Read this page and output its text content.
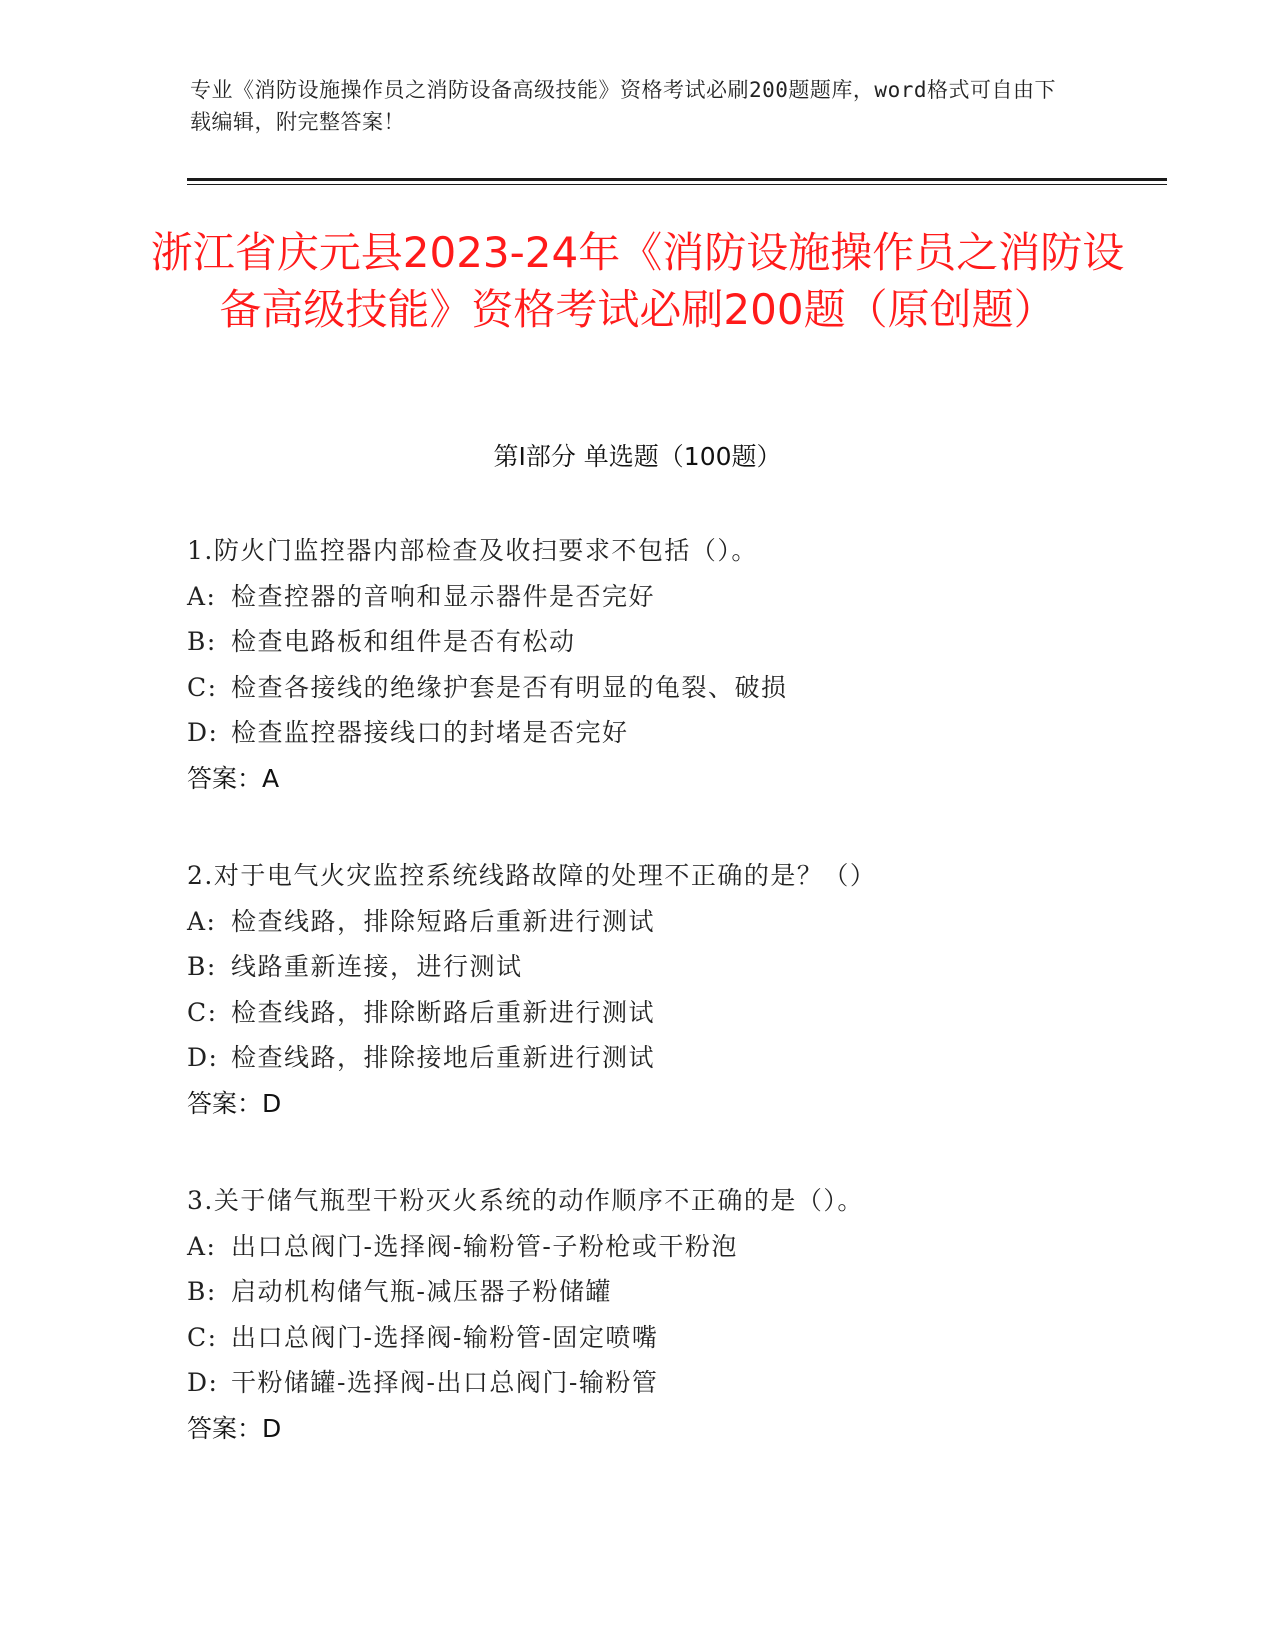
专业《消防设施操作员之消防设备高级技能》资格考试必刷200题题库，word格式可自由下载编辑，附完整答案！
浙江省庆元县2023-24年《消防设施操作员之消防设备高级技能》资格考试必刷200题（原创题）
第I部分 单选题（100题）
1.防火门监控器内部检查及收扫要求不包括（）。
A: 检查控器的音响和显示器件是否完好
B: 检查电路板和组件是否有松动
C: 检查各接线的绝缘护套是否有明显的龟裂、破损
D: 检查监控器接线口的封堵是否完好
答案：A
2.对于电气火灾监控系统线路故障的处理不正确的是？（）
A: 检查线路，排除短路后重新进行测试
B: 线路重新连接，进行测试
C: 检查线路，排除断路后重新进行测试
D: 检查线路，排除接地后重新进行测试
答案：D
3.关于储气瓶型干粉灭火系统的动作顺序不正确的是（）。
A: 出口总阀门-选择阀-输粉管-子粉枪或干粉泡
B: 启动机构储气瓶-减压器子粉储罐
C: 出口总阀门-选择阀-输粉管-固定喷嘴
D: 干粉储罐-选择阀-出口总阀门-输粉管
答案：D
